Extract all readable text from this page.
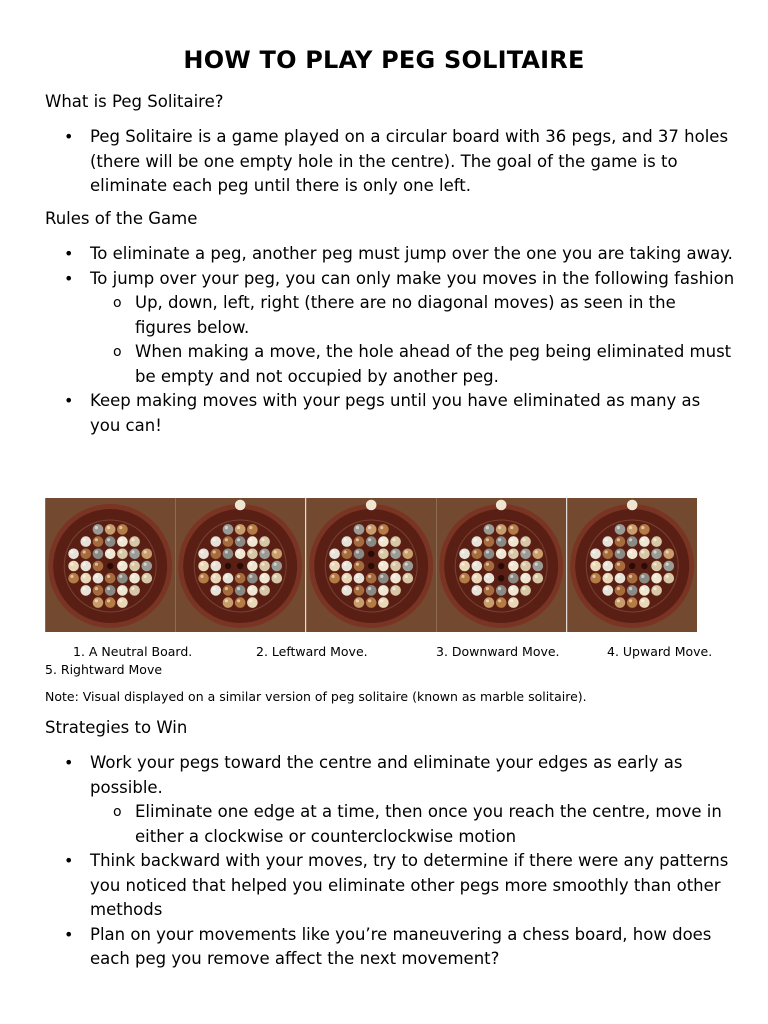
HOW TO PLAY PEG SOLITAIRE
What is Peg Solitaire?
• Peg Solitaire is a game played on a circular board with 36 pegs, and 37 holes (there will be one empty hole in the centre). The goal of the game is to eliminate each peg until there is only one left.
Rules of the Game
• To eliminate a peg, another peg must jump over the one you are taking away.
• To jump over your peg, you can only make you moves in the following fashion
o Up, down, left, right (there are no diagonal moves) as seen in the figures below.
o When making a move, the hole ahead of the peg being eliminated must be empty and not occupied by another peg.
• Keep making moves with your pegs until you have eliminated as many as you can!
1. A Neutral Board.	2. Leftward Move.	3. Downward Move.	4. Upward Move.
5. Rightward Move
Note: Visual displayed on a similar version of peg solitaire (known as marble solitaire).
Strategies to Win
• Work your pegs toward the centre and eliminate your edges as early as possible.
o Eliminate one edge at a time, then once you reach the centre, move in either a clockwise or counterclockwise motion
• Think backward with your moves, try to determine if there were any patterns you noticed that helped you eliminate other pegs more smoothly than other methods
• Plan on your movements like you’re maneuvering a chess board, how does each peg you remove affect the next movement?
